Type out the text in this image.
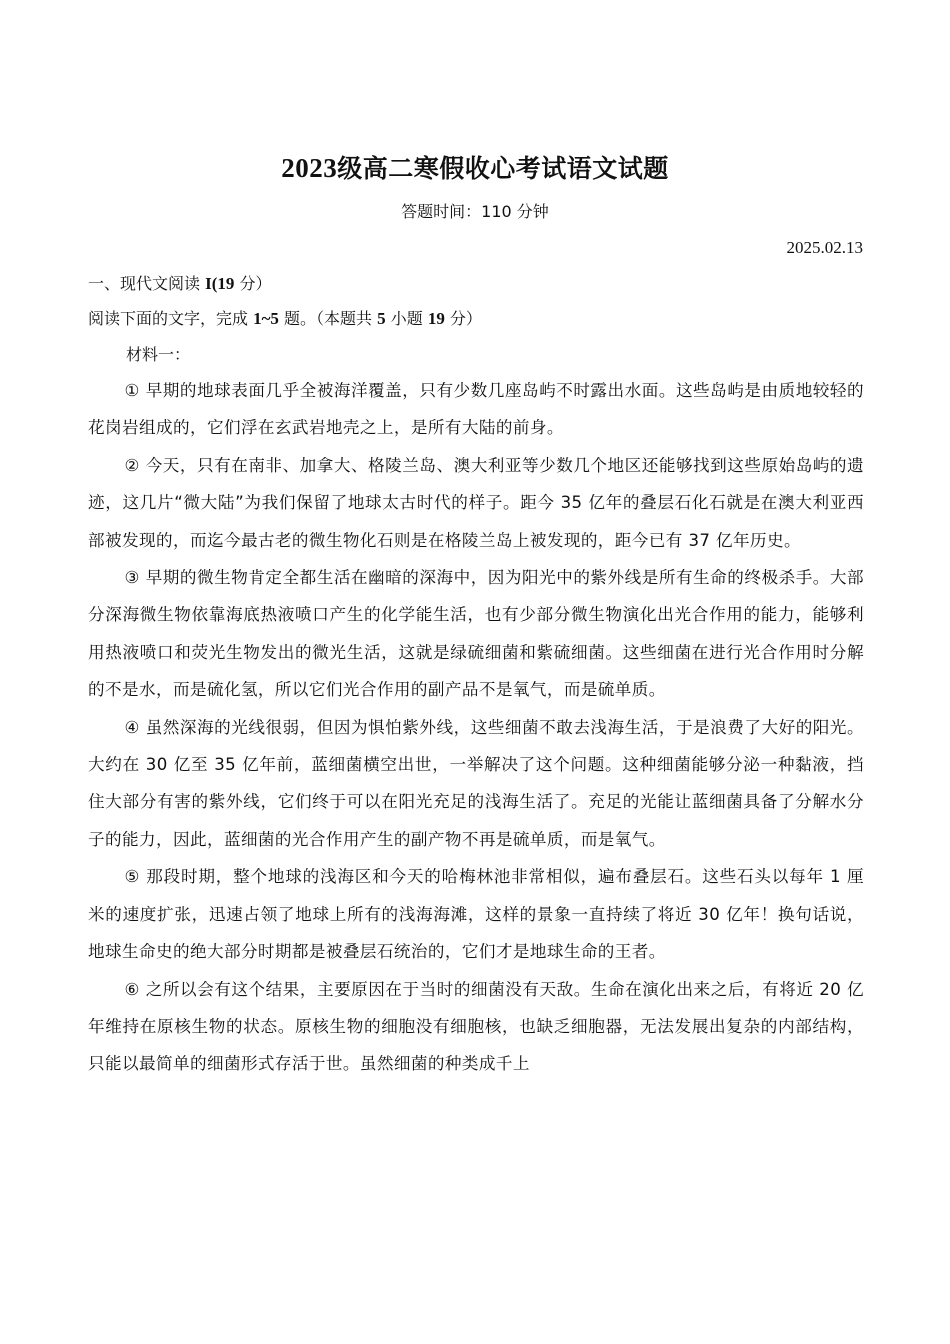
2023级高二寒假收心考试语文试题
答题时间：110 分钟
2025.02.13
一、现代文阅读 I(19 分）
阅读下面的文字，完成 1~5 题。（本题共 5 小题 19 分）
材料一：

① 早期的地球表面几乎全被海洋覆盖，只有少数几座岛屿不时露出水面。这些岛屿是由质地较轻的花岗岩组成的，它们浮在玄武岩地壳之上，是所有大陆的前身。

② 今天，只有在南非、加拿大、格陵兰岛、澳大利亚等少数几个地区还能够找到这些原始岛屿的遗迹，这几片“微大陆”为我们保留了地球太古时代的样子。距今 35 亿年的叠层石化石就是在澳大利亚西部被发现的，而迄今最古老的微生物化石则是在格陵兰岛上被发现的，距今已有 37 亿年历史。

③ 早期的微生物肯定全都生活在幽暗的深海中，因为阳光中的紫外线是所有生命的终极杀手。大部分深海微生物依靠海底热液喷口产生的化学能生活，也有少部分微生物演化出光合作用的能力，能够利用热液喷口和荧光生物发出的微光生活，这就是绿硫细菌和紫硫细菌。这些细菌在进行光合作用时分解的不是水，而是硫化氢，所以它们光合作用的副产品不是氧气，而是硫单质。

④ 虽然深海的光线很弱，但因为惧怕紫外线，这些细菌不敢去浅海生活，于是浪费了大好的阳光。大约在 30 亿至 35 亿年前，蓝细菌横空出世，一举解决了这个问题。这种细菌能够分泌一种黏液，挡住大部分有害的紫外线，它们终于可以在阳光充足的浅海生活了。充足的光能让蓝细菌具备了分解水分子的能力，因此，蓝细菌的光合作用产生的副产物不再是硫单质，而是氧气。

⑤ 那段时期，整个地球的浅海区和今天的哈梅林池非常相似，遍布叠层石。这些石头以每年 1 厘米的速度扩张，迅速占领了地球上所有的浅海海滩，这样的景象一直持续了将近 30 亿年！换句话说，地球生命史的绝大部分时期都是被叠层石统治的，它们才是地球生命的王者。

⑥ 之所以会有这个结果，主要原因在于当时的细菌没有天敌。生命在演化出来之后，有将近 20 亿年维持在原核生物的状态。原核生物的细胞没有细胞核，也缺乏细胞器，无法发展出复杂的内部结构，只能以最简单的细菌形式存活于世。虽然细菌的种类成千上
